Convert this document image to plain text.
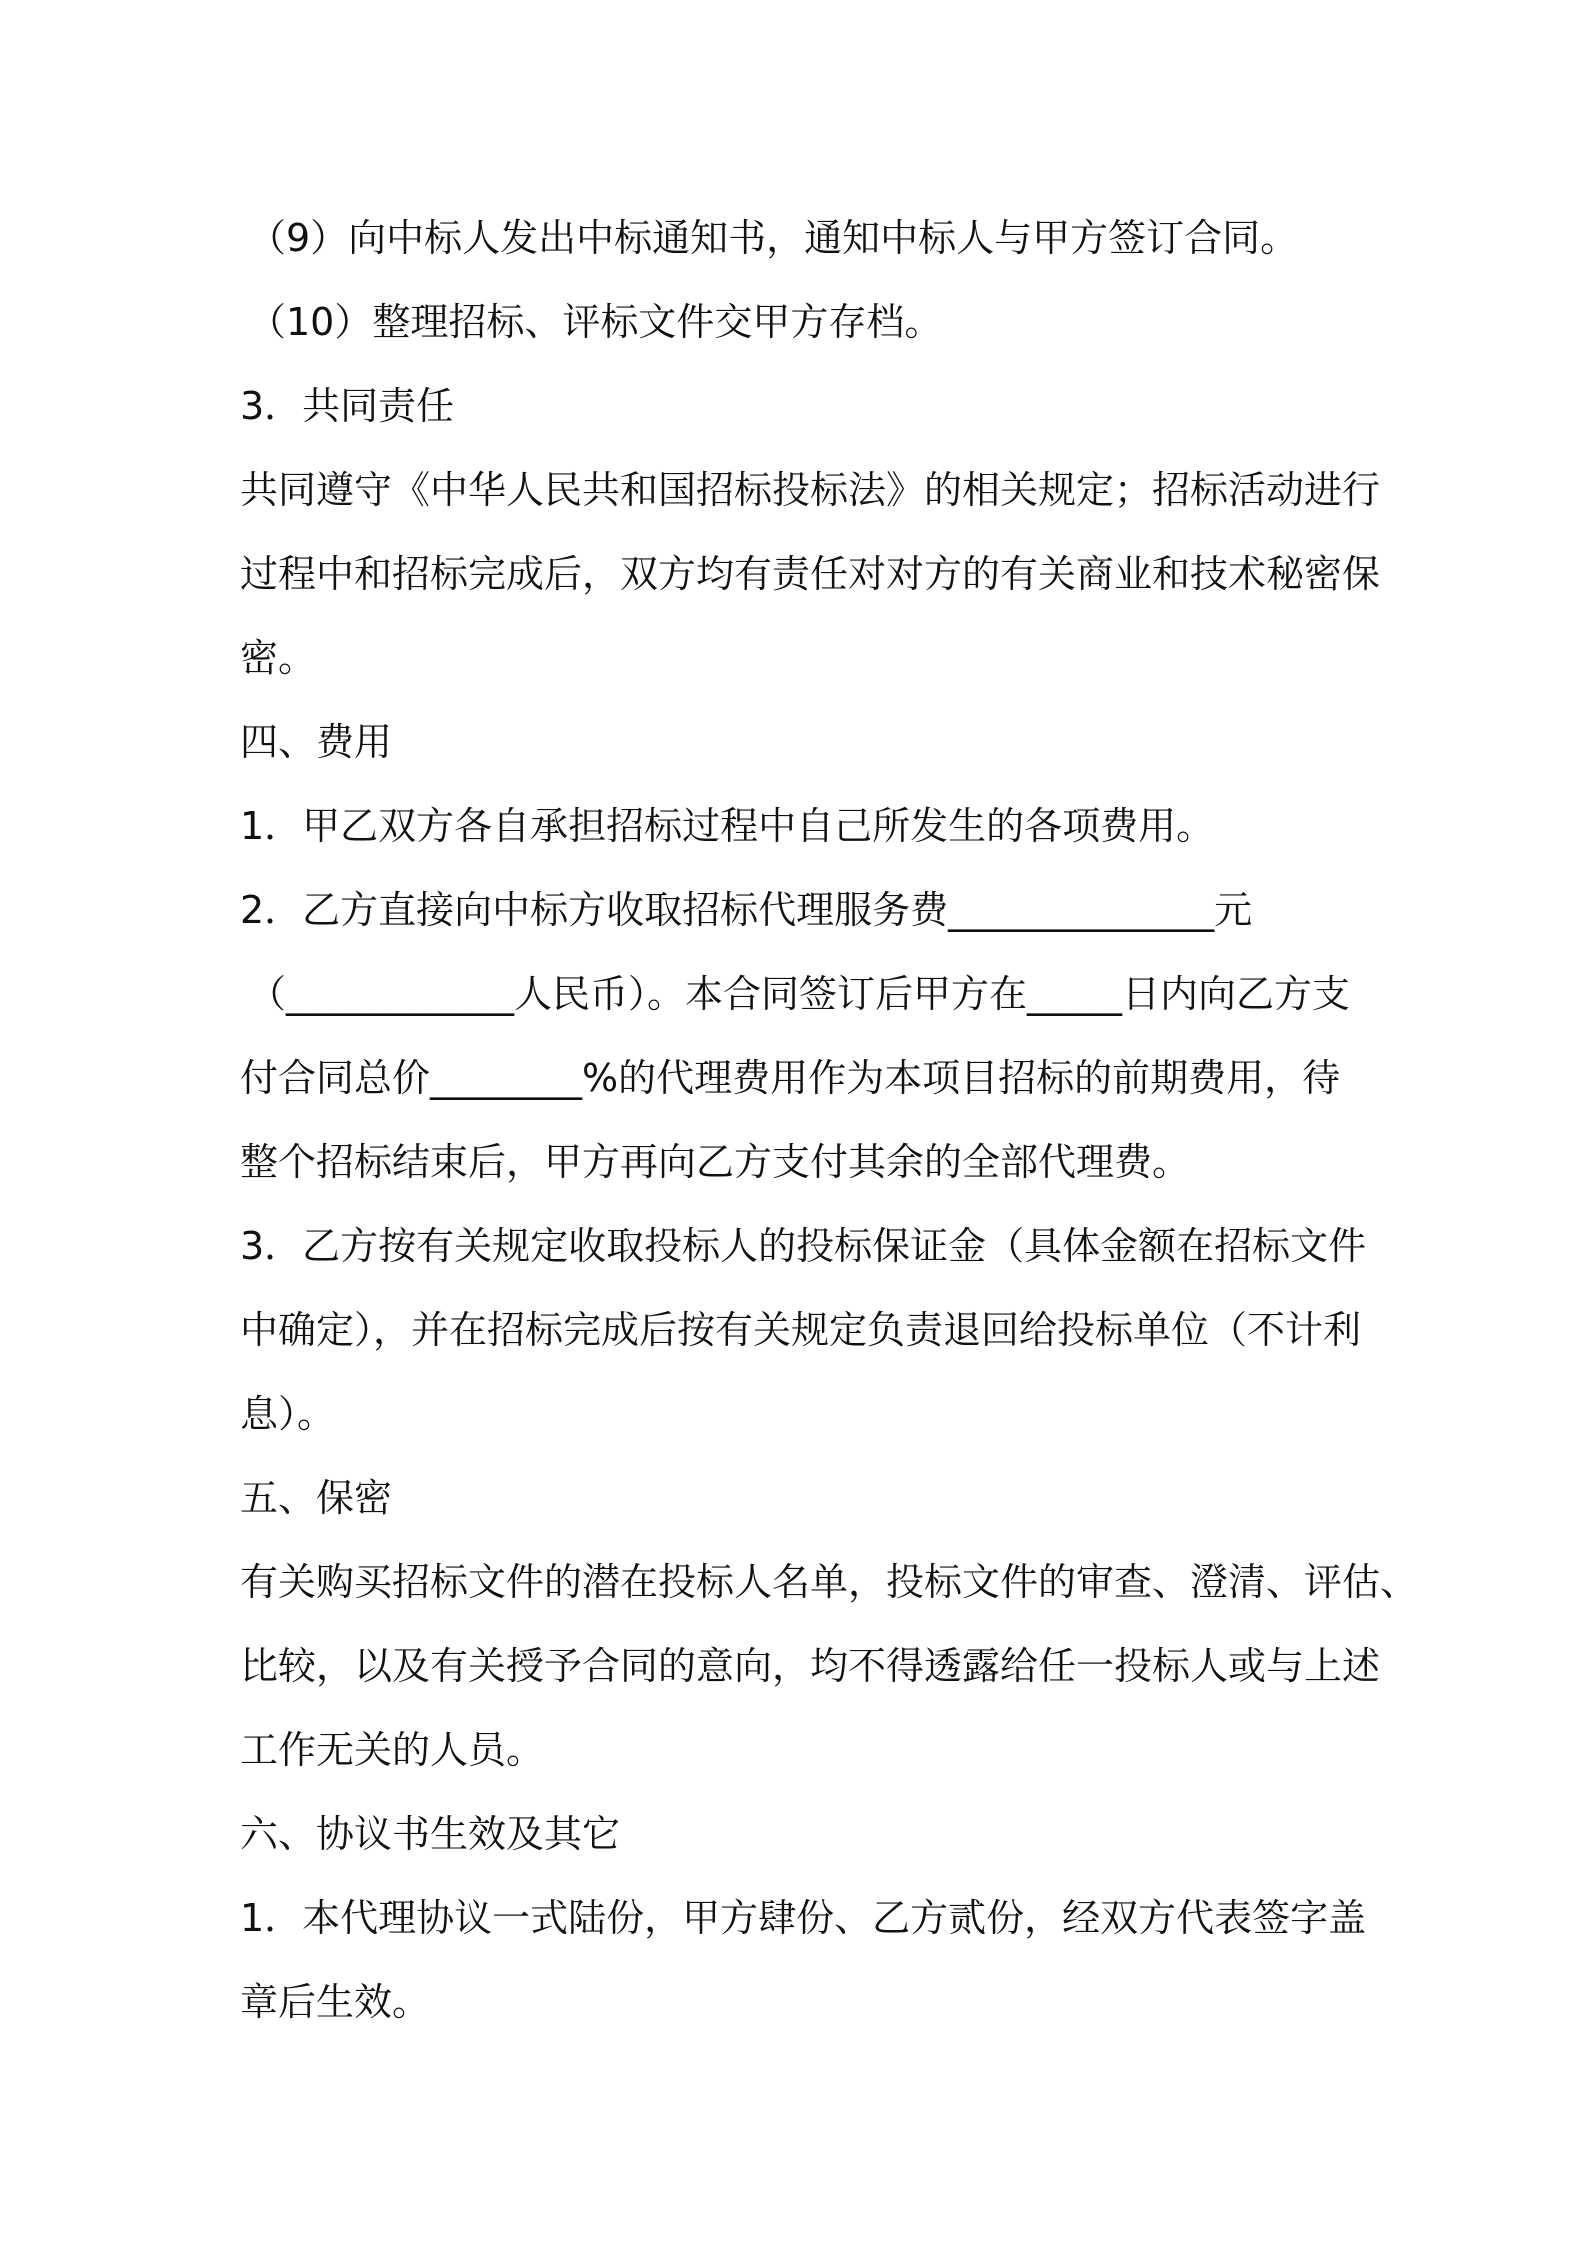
（9）向中标人发出中标通知书，通知中标人与甲方签订合同。

（10）整理招标、评标文件交甲方存档。

3．共同责任

共同遵守《中华人民共和国招标投标法》的相关规定；招标活动进行

过程中和招标完成后，双方均有责任对对方的有关商业和技术秘密保

密。

四、费用

1．甲乙双方各自承担招标过程中自己所发生的各项费用。

2．乙方直接向中标方收取招标代理服务费______________元

（____________人民币）。本合同签订后甲方在_____日内向乙方支

付合同总价________%的代理费用作为本项目招标的前期费用，待

整个招标结束后，甲方再向乙方支付其余的全部代理费。

3．乙方按有关规定收取投标人的投标保证金（具体金额在招标文件

中确定），并在招标完成后按有关规定负责退回给投标单位（不计利

息）。

五、保密

有关购买招标文件的潜在投标人名单，投标文件的审查、澄清、评估、

比较，以及有关授予合同的意向，均不得透露给任一投标人或与上述

工作无关的人员。

六、协议书生效及其它

1．本代理协议一式陆份，甲方肆份、乙方贰份，经双方代表签字盖

章后生效。
